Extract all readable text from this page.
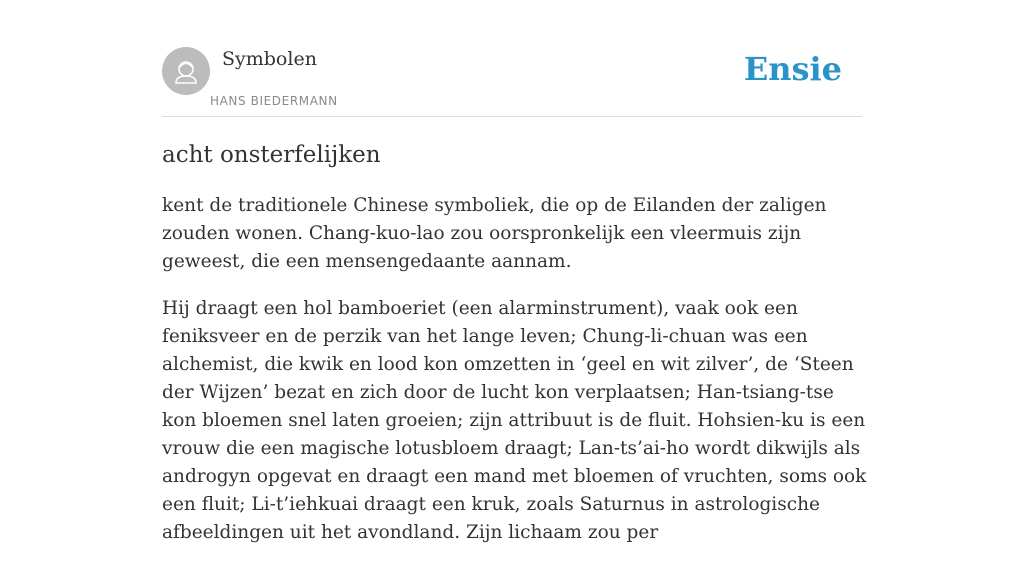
Symbolen
HANS BIEDERMANN
Ensie
acht onsterfelijken

kent de traditionele Chinese symboliek, die op de Eilanden der zaligen zouden wonen. Chang-kuo-lao zou oorspronkelijk een vleermuis zijn geweest, die een mensengedaante aannam.

Hij draagt een hol bamboeriet (een alarminstrument), vaak ook een feniksveer en de perzik van het lange leven; Chung-li-chuan was een alchemist, die kwik en lood kon omzetten in ‘geel en wit zilver’, de ‘Steen der Wijzen’ bezat en zich door de lucht kon verplaatsen; Han-tsiang-tse kon bloemen snel laten groeien; zijn attribuut is de fluit. Hohsien-ku is een vrouw die een magische lotusbloem draagt; Lan-ts’ai-ho wordt dikwijls als androgyn opgevat en draagt een mand met bloemen of vruchten, soms ook een fluit; Li-t’iehkuai draagt een kruk, zoals Saturnus in astrologische afbeeldingen uit het avondland. Zijn lichaam zou per
